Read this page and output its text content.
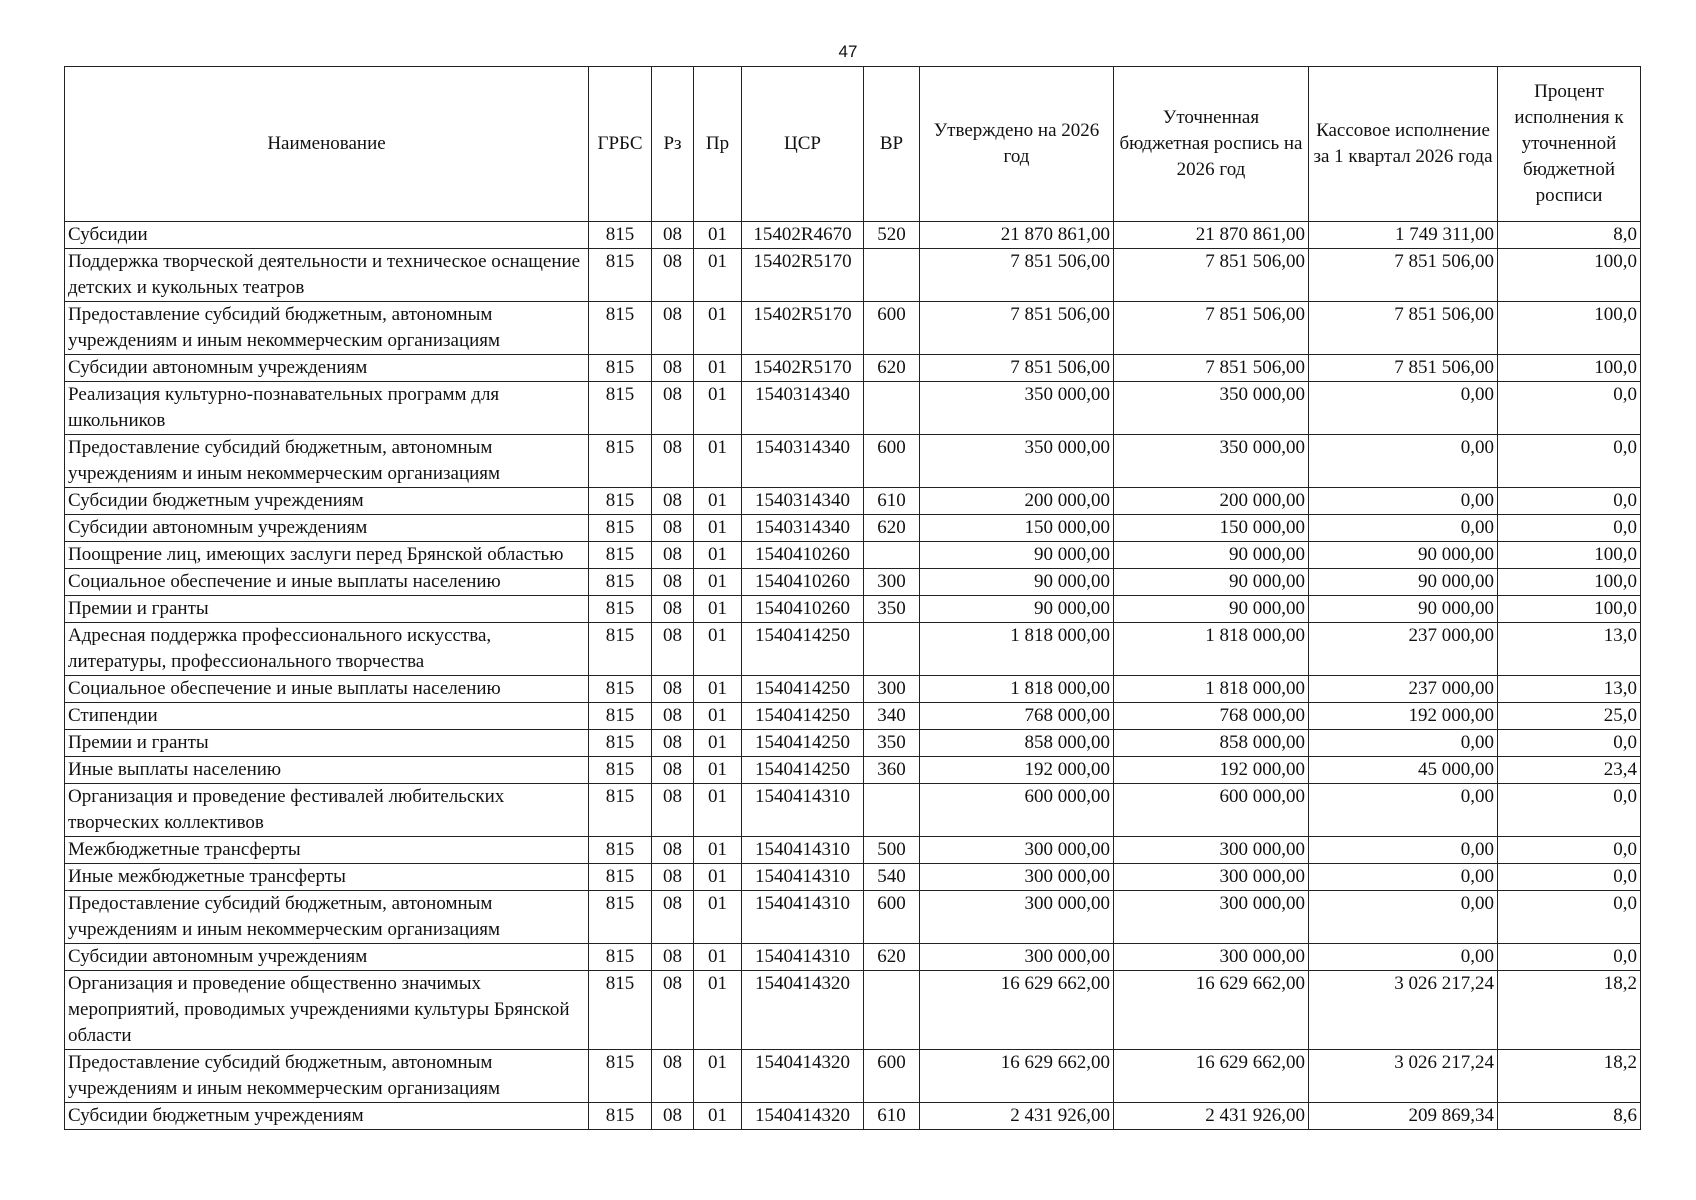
47
Наименование	ГРБС	Рз	Пр	ЦСР	ВР	Утверждено на 2026 год	Уточненная бюджетная роспись на 2026 год	Кассовое исполнение за 1 квартал 2026 года	Процент исполнения к уточненной бюджетной росписи
Субсидии	815	08	01	15402R4670	520	21 870 861,00	21 870 861,00	1 749 311,00	8,0
Поддержка творческой деятельности и техническое оснащение детских и кукольных театров	815	08	01	15402R5170		7 851 506,00	7 851 506,00	7 851 506,00	100,0
Предоставление субсидий бюджетным, автономным учреждениям и иным некоммерческим организациям	815	08	01	15402R5170	600	7 851 506,00	7 851 506,00	7 851 506,00	100,0
Субсидии автономным учреждениям	815	08	01	15402R5170	620	7 851 506,00	7 851 506,00	7 851 506,00	100,0
Реализация культурно-познавательных программ для школьников	815	08	01	1540314340		350 000,00	350 000,00	0,00	0,0
Предоставление субсидий бюджетным, автономным учреждениям и иным некоммерческим организациям	815	08	01	1540314340	600	350 000,00	350 000,00	0,00	0,0
Субсидии бюджетным учреждениям	815	08	01	1540314340	610	200 000,00	200 000,00	0,00	0,0
Субсидии автономным учреждениям	815	08	01	1540314340	620	150 000,00	150 000,00	0,00	0,0
Поощрение лиц, имеющих заслуги перед Брянской областью	815	08	01	1540410260		90 000,00	90 000,00	90 000,00	100,0
Социальное обеспечение и иные выплаты населению	815	08	01	1540410260	300	90 000,00	90 000,00	90 000,00	100,0
Премии и гранты	815	08	01	1540410260	350	90 000,00	90 000,00	90 000,00	100,0
Адресная поддержка профессионального искусства, литературы, профессионального творчества	815	08	01	1540414250		1 818 000,00	1 818 000,00	237 000,00	13,0
Социальное обеспечение и иные выплаты населению	815	08	01	1540414250	300	1 818 000,00	1 818 000,00	237 000,00	13,0
Стипендии	815	08	01	1540414250	340	768 000,00	768 000,00	192 000,00	25,0
Премии и гранты	815	08	01	1540414250	350	858 000,00	858 000,00	0,00	0,0
Иные выплаты населению	815	08	01	1540414250	360	192 000,00	192 000,00	45 000,00	23,4
Организация и проведение фестивалей любительских творческих коллективов	815	08	01	1540414310		600 000,00	600 000,00	0,00	0,0
Межбюджетные трансферты	815	08	01	1540414310	500	300 000,00	300 000,00	0,00	0,0
Иные межбюджетные трансферты	815	08	01	1540414310	540	300 000,00	300 000,00	0,00	0,0
Предоставление субсидий бюджетным, автономным учреждениям и иным некоммерческим организациям	815	08	01	1540414310	600	300 000,00	300 000,00	0,00	0,0
Субсидии автономным учреждениям	815	08	01	1540414310	620	300 000,00	300 000,00	0,00	0,0
Организация и проведение общественно значимых мероприятий, проводимых учреждениями культуры Брянской области	815	08	01	1540414320		16 629 662,00	16 629 662,00	3 026 217,24	18,2
Предоставление субсидий бюджетным, автономным учреждениям и иным некоммерческим организациям	815	08	01	1540414320	600	16 629 662,00	16 629 662,00	3 026 217,24	18,2
Субсидии бюджетным учреждениям	815	08	01	1540414320	610	2 431 926,00	2 431 926,00	209 869,34	8,6
